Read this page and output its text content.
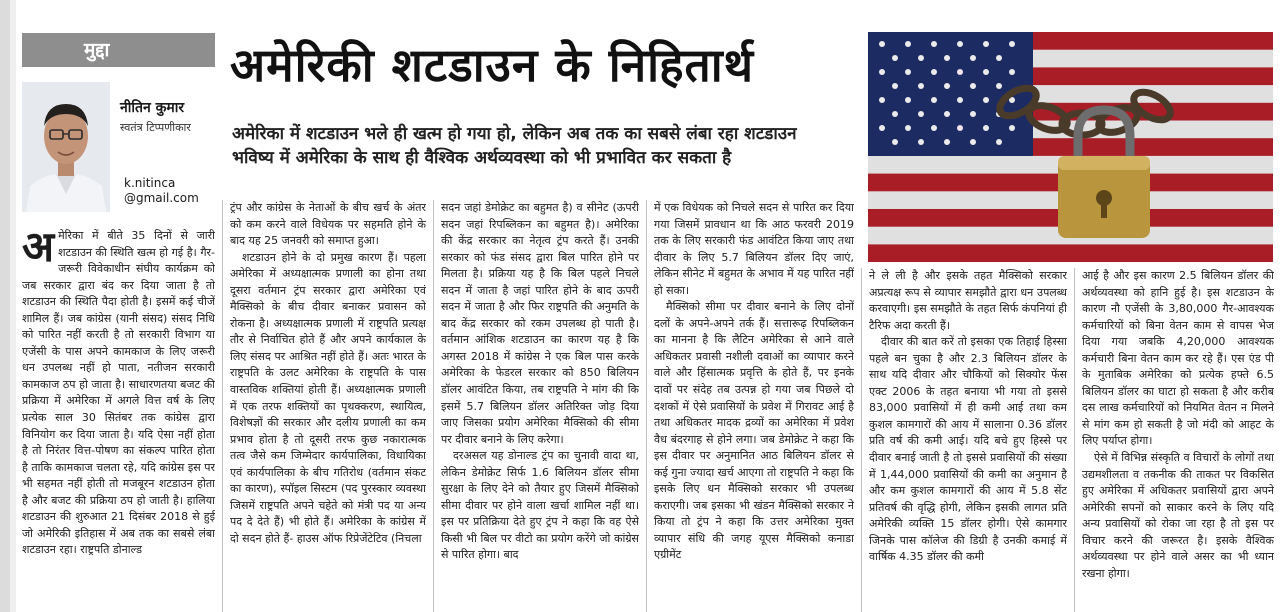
मुद्दा
नीतिन कुमार
स्वतंत्र टिप्पणीकार
k.nitinca
@gmail.com
अमेरिकी शटडाउन के निहितार्थ
अमेरिका में शटडाउन भले ही खत्म हो गया हो, लेकिन अब तक का सबसे लंबा रहा शटडाउन भविष्य में अमेरिका के साथ ही वैश्विक अर्थव्यवस्था को भी प्रभावित कर सकता है

अमेरिका में बीते 35 दिनों से जारी शटडाउन की स्थिति खत्म हो गई है। गैर-जरूरी विवेकाधीन संघीय कार्यक्रम को जब सरकार द्वारा बंद कर दिया जाता है तो शटडाउन की स्थिति पैदा होती है। इसमें कई चीजें शामिल हैं। जब कांग्रेस (यानी संसद) संसद निधि को पारित नहीं करती है तो सरकारी विभाग या एजेंसी के पास अपने कामकाज के लिए जरूरी धन उपलब्ध नहीं हो पाता, नतीजन सरकारी कामकाज ठप हो जाता है। साधारणतया बजट की प्रक्रिया में अमेरिका में अगले वित्त वर्ष के लिए प्रत्येक साल 30 सितंबर तक कांग्रेस द्वारा विनियोग कर दिया जाता है। यदि ऐसा नहीं होता है तो निरंतर वित्त-पोषण का संकल्प पारित होता है ताकि कामकाज चलता रहे, यदि कांग्रेस इस पर भी सहमत नहीं होती तो मजबूरन शटडाउन होता है और बजट की प्रक्रिया ठप हो जाती है। हालिया शटडाउन की शुरुआत 21 दिसंबर 2018 से हुई जो अमेरिकी इतिहास में अब तक का सबसे लंबा शटडाउन रहा। राष्ट्रपति डोनाल्ड

ट्रंप और कांग्रेस के नेताओं के बीच खर्च के अंतर को कम करने वाले विधेयक पर सहमति होने के बाद यह 25 जनवरी को समाप्त हुआ।

शटडाउन होने के दो प्रमुख कारण हैं। पहला अमेरिका में अध्यक्षात्मक प्रणाली का होना तथा दूसरा वर्तमान ट्रंप सरकार द्वारा अमेरिका एवं मैक्सिको के बीच दीवार बनाकर प्रवासन को रोकना है। अध्यक्षात्मक प्रणाली में राष्ट्रपति प्रत्यक्ष तौर से निर्वाचित होते हैं और अपने कार्यकाल के लिए संसद पर आश्रित नहीं होते हैं। अतः भारत के राष्ट्रपति के उलट अमेरिका के राष्ट्रपति के पास वास्तविक शक्तियां होती हैं। अध्यक्षात्मक प्रणाली में एक तरफ शक्तियों का पृथक्करण, स्थायित्व, विशेषज्ञों की सरकार और दलीय प्रणाली का कम प्रभाव होता है तो दूसरी तरफ कुछ नकारात्मक तत्व जैसे कम जिम्मेदार कार्यपालिका, विधायिका एवं कार्यपालिका के बीच गतिरोध (वर्तमान संकट का कारण), स्पॉइल सिस्टम (पद पुरस्कार व्यवस्था जिसमें राष्ट्रपति अपने चहेते को मंत्री पद या अन्य पद दे देते हैं) भी होते हैं। अमेरिका के कांग्रेस में दो सदन होते हैं- हाउस ऑफ रिप्रेजेंटेटिव (निचला

सदन जहां डेमोक्रेट का बहुमत है) व सीनेट (ऊपरी सदन जहां रिपब्लिकन का बहुमत है)। अमेरिका की केंद्र सरकार का नेतृत्व ट्रंप करते हैं। उनकी सरकार को फंड संसद द्वारा बिल पारित होने पर मिलता है। प्रक्रिया यह है कि बिल पहले निचले सदन में जाता है जहां पारित होने के बाद ऊपरी सदन में जाता है और फिर राष्ट्रपति की अनुमति के बाद केंद्र सरकार को रकम उपलब्ध हो पाती है। वर्तमान आंशिक शटडाउन का कारण यह है कि अगस्त 2018 में कांग्रेस ने एक बिल पास करके अमेरिका के फेडरल सरकार को 850 बिलियन डॉलर आवंटित किया, तब राष्ट्रपति ने मांग की कि इसमें 5.7 बिलियन डॉलर अतिरिक्त जोड़ दिया जाए जिसका प्रयोग अमेरिका मैक्सिको की सीमा पर दीवार बनाने के लिए करेगा।

दरअसल यह डोनाल्ड ट्रंप का चुनावी वादा था, लेकिन डेमोक्रेट सिर्फ 1.6 बिलियन डॉलर सीमा सुरक्षा के लिए देने को तैयार हुए जिसमें मैक्सिको सीमा दीवार पर होने वाला खर्चा शामिल नहीं था। इस पर प्रतिक्रिया देते हुए ट्रंप ने कहा कि वह ऐसे किसी भी बिल पर वीटो का प्रयोग करेंगे जो कांग्रेस से पारित होगा। बाद

में एक विधेयक को निचले सदन से पारित कर दिया गया जिसमें प्रावधान था कि आठ फरवरी 2019 तक के लिए सरकारी फंड आवंटित किया जाए तथा दीवार के लिए 5.7 बिलियन डॉलर दिए जाएं, लेकिन सीनेट में बहुमत के अभाव में यह पारित नहीं हो सका।

मैक्सिको सीमा पर दीवार बनाने के लिए दोनों दलों के अपने-अपने तर्क हैं। सत्तारूढ़ रिपब्लिकन का मानना है कि लैटिन अमेरिका से आने वाले अधिकतर प्रवासी नशीली दवाओं का व्यापार करने वाले और हिंसात्मक प्रवृत्ति के होते हैं, पर इनके दावों पर संदेह तब उत्पन्न हो गया जब पिछले दो दशकों में ऐसे प्रवासियों के प्रवेश में गिरावट आई है तथा अधिकतर मादक द्रव्यों का अमेरिका में प्रवेश वैध बंदरगाह से होने लगा। जब डेमोक्रेट ने कहा कि इस दीवार पर अनुमानित आठ बिलियन डॉलर से कई गुना ज्यादा खर्च आएगा तो राष्ट्रपति ने कहा कि इसके लिए धन मैक्सिको सरकार भी उपलब्ध कराएगी। जब इसका भी खंडन मैक्सिको सरकार ने किया तो ट्रंप ने कहा कि उत्तर अमेरिका मुक्त व्यापार संधि की जगह यूएस मैक्सिको कनाडा एग्रीमेंट

ने ले ली है और इसके तहत मैक्सिको सरकार अप्रत्यक्ष रूप से व्यापार समझौते द्वारा धन उपलब्ध करवाएगी। इस समझौते के तहत सिर्फ कंपनियां ही टैरिफ अदा करती हैं।

दीवार की बात करें तो इसका एक तिहाई हिस्सा पहले बन चुका है और 2.3 बिलियन डॉलर के साथ यदि दीवार और चौकियों को सिक्योर फेंस एक्ट 2006 के तहत बनाया भी गया तो इससे 83,000 प्रवासियों में ही कमी आई तथा कम कुशल कामगारों की आय में सालाना 0.36 डॉलर प्रति वर्ष की कमी आई। यदि बचे हुए हिस्से पर दीवार बनाई जाती है तो इससे प्रवासियों की संख्या में 1,44,000 प्रवासियों की कमी का अनुमान है और कम कुशल कामगारों की आय में 5.8 सेंट प्रतिवर्ष की वृद्धि होगी, लेकिन इसकी लागत प्रति अमेरिकी व्यक्ति 15 डॉलर होगी। ऐसे कामगार जिनके पास कॉलेज की डिग्री है उनकी कमाई में वार्षिक 4.35 डॉलर की कमी

आई है और इस कारण 2.5 बिलियन डॉलर की अर्थव्यवस्था को हानि हुई है। इस शटडाउन के कारण नौ एजेंसी के 3,80,000 गैर-आवश्यक कर्मचारियों को बिना वेतन काम से वापस भेज दिया गया जबकि 4,20,000 आवश्यक कर्मचारी बिना वेतन काम कर रहे हैं। एस एंड पी के मुताबिक अमेरिका को प्रत्येक हफ्ते 6.5 बिलियन डॉलर का घाटा हो सकता है और करीब दस लाख कर्मचारियों को नियमित वेतन न मिलने से मांग कम हो सकती है जो मंदी को आहट के लिए पर्याप्त होगा।

ऐसे में विभिन्न संस्कृति व विचारों के लोगों तथा उद्यमशीलता व तकनीक की ताकत पर विकसित हुए अमेरिका में अधिकतर प्रवासियों द्वारा अपने अमेरिकी सपनों को साकार करने के लिए यदि अन्य प्रवासियों को रोका जा रहा है तो इस पर विचार करने की जरूरत है। इसके वैश्विक अर्थव्यवस्था पर होने वाले असर का भी ध्यान रखना होगा।
